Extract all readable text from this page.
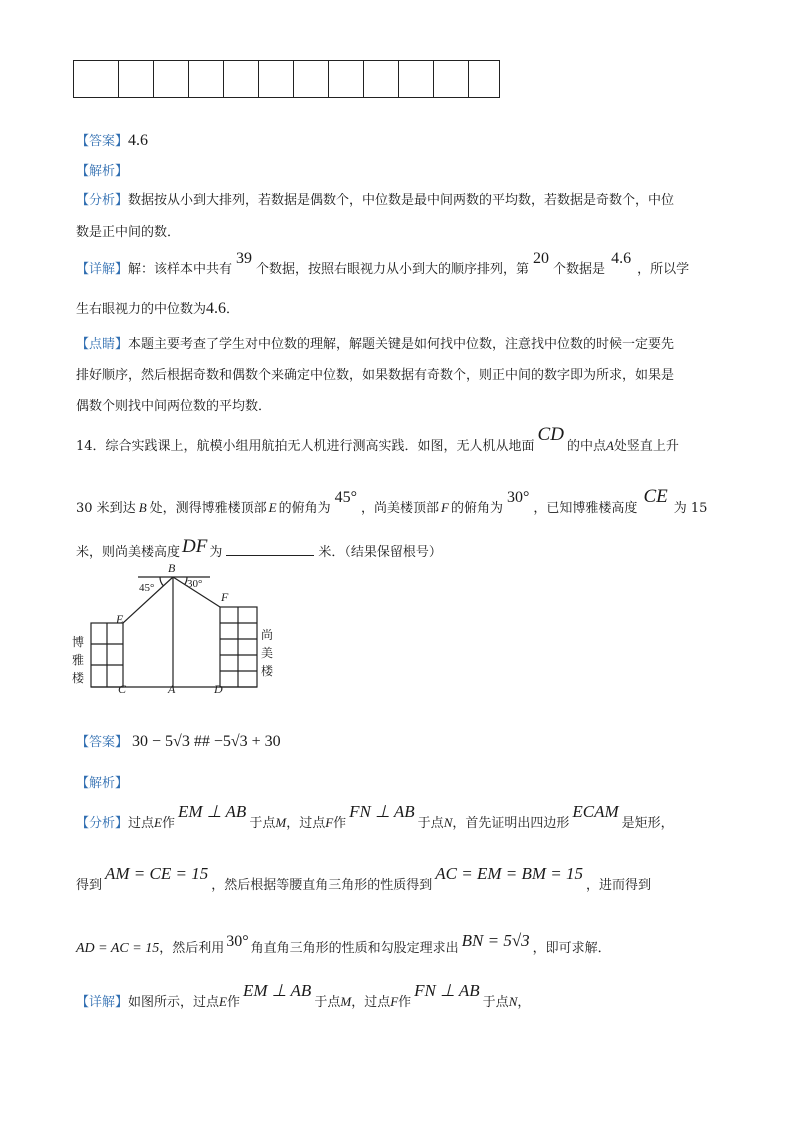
【答案】4.6
【解析】
【分析】数据按从小到大排列，若数据是偶数个，中位数是最中间两数的平均数，若数据是奇数个，中位
数是正中间的数．
【详解】解：该样本中共有39个数据，按照右眼视力从小到大的顺序排列，第20个数据是4.6，所以学
生右眼视力的中位数为4.6．
【点睛】本题主要考查了学生对中位数的理解，解题关键是如何找中位数，注意找中位数的时候一定要先
排好顺序，然后根据奇数和偶数个来确定中位数，如果数据有奇数个，则正中间的数字即为所求，如果是
偶数个则找中间两位数的平均数．
14．综合实践课上，航模小组用航拍无人机进行测高实践．如图，无人机从地面CD的中点A处竖直上升
30 米到达 B 处，测得博雅楼顶部 E 的俯角为45°，尚美楼顶部 F 的俯角为30°，已知博雅楼高度CE为 15
米，则尚美楼高度 DF 为	米．（结果保留根号）
B
E
F
C	A	D
45°	30°
博
雅
楼
尚
美
楼
【答案】 30 − 5√3 ## −5√3 + 30
【解析】
【分析】过点E作EM ⊥ AB于点M，过点F作FN ⊥ AB于点N，首先证明出四边形ECAM是矩形，
得到AM = CE = 15，然后根据等腰直角三角形的性质得到AC = EM = BM = 15，进而得到
AD = AC = 15，然后利用 30° 角直角三角形的性质和勾股定理求出 BN = 5√3 ，即可求解．
【详解】如图所示，过点E作EM ⊥ AB于点M，过点F作FN ⊥ AB于点N，
